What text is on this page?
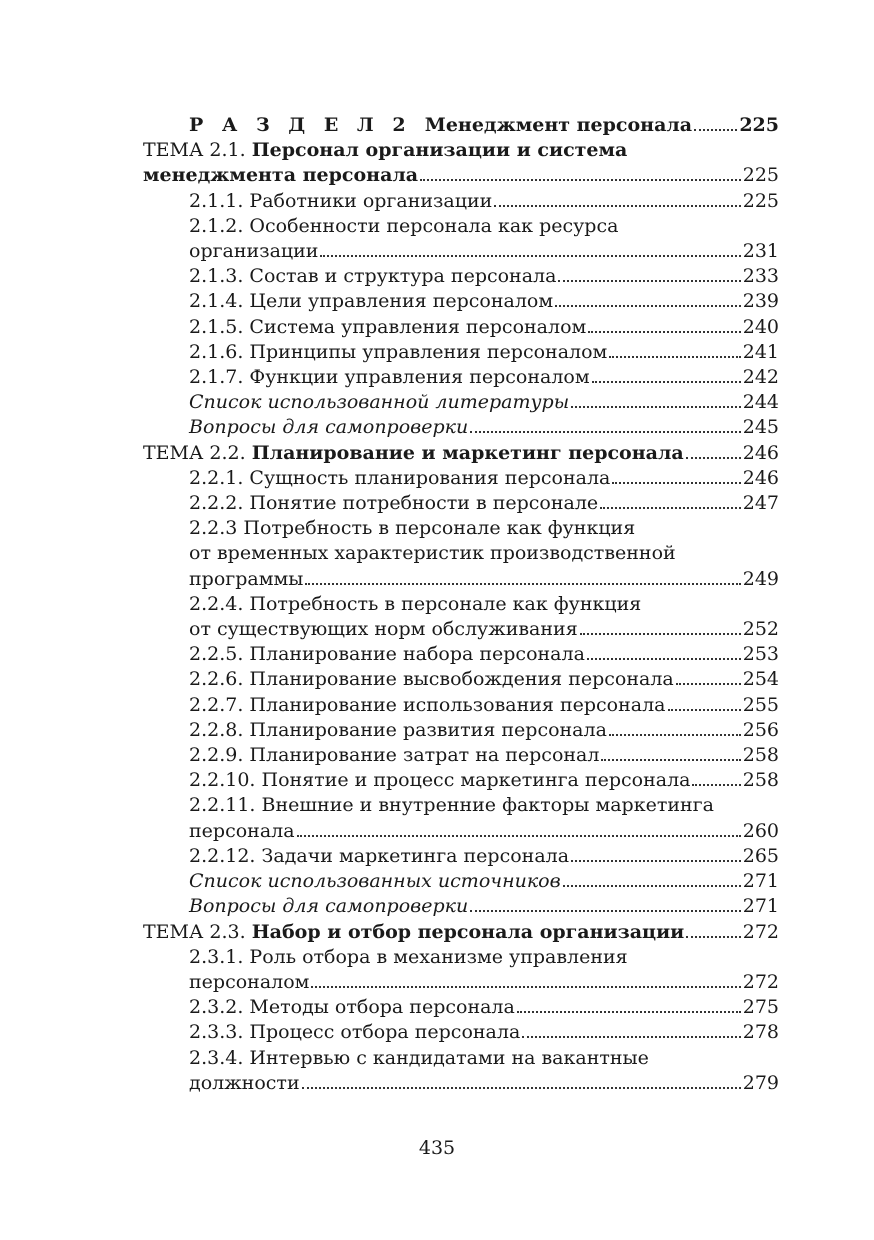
Р А З Д Е Л 2 Менеджмент персонала 225
ТЕМА 2.1. Персонал организации и система
менеджмента персонала	225
2.1.1. Работники организации	225
2.1.2. Особенности персонала как ресурса
организации	231
2.1.3. Состав и структура персонала	233
2.1.4. Цели управления персоналом	239
2.1.5. Система управления персоналом	240
2.1.6. Принципы управления персоналом	241
2.1.7. Функции управления персоналом	242
Список использованной литературы	244
Вопросы для самопроверки	245
ТЕМА 2.2.
Планирование и маркетинг персонала	246
2.2.1. Сущность планирования персонала	246
2.2.2. Понятие потребности в персонале	247
2.2.3 Потребность в персонале как функция
от временных характеристик производственной
программы	249
2.2.4. Потребность в персонале как функция
от существующих норм обслуживания	252
2.2.5. Планирование набора персонала	253
2.2.6. Планирование высвобождения персонала	254
2.2.7. Планирование использования персонала	255
2.2.8. Планирование развития персонала	256
2.2.9. Планирование затрат на персонал	258
2.2.10. Понятие и процесс маркетинга персонала	258
2.2.11. Внешние и внутренние факторы маркетинга
персонала	260
2.2.12. Задачи маркетинга персонала	265
Список использованных источников	271
Вопросы для самопроверки	271
ТЕМА 2.3.
Набор и отбор персонала организации	272
2.3.1. Роль отбора в механизме управления
персоналом	272
2.3.2. Методы отбора персонала	275
2.3.3. Процесс отбора персонала	278
2.3.4. Интервью с кандидатами на вакантные
должности	279
435
